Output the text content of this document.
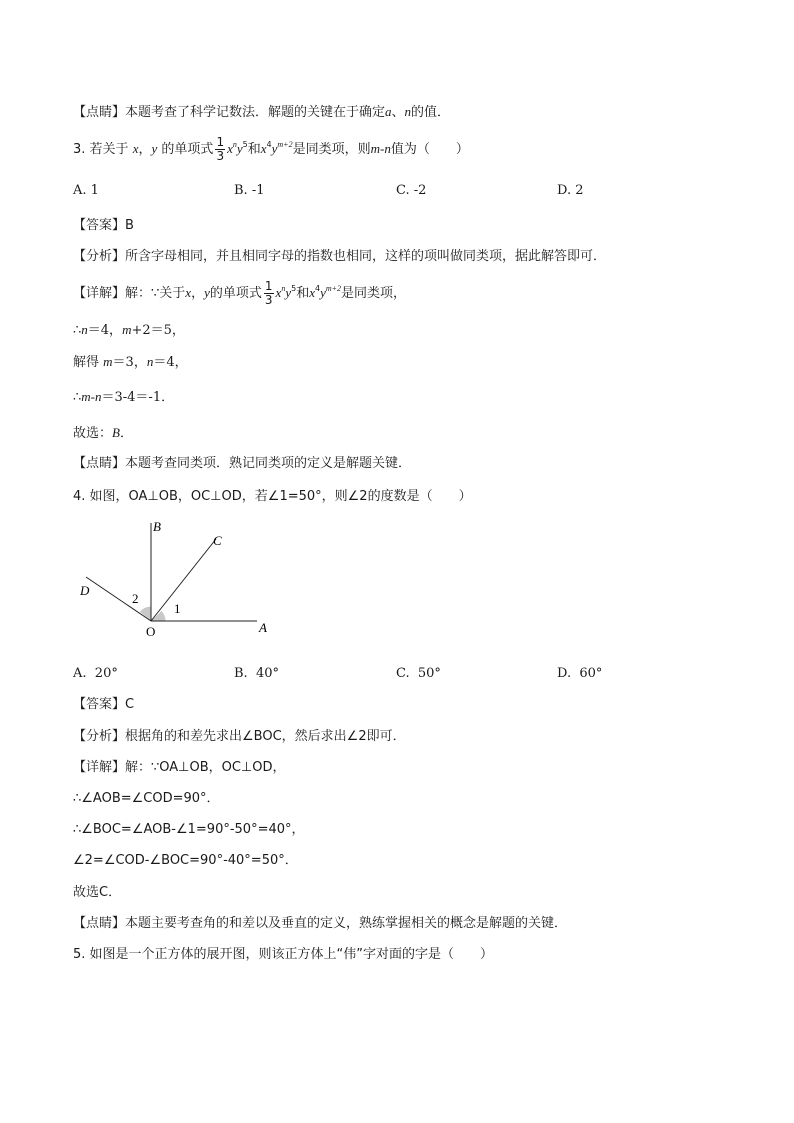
【点睛】本题考查了科学记数法．解题的关键在于确定a、n的值．
3. 若关于 x，y 的单项式 $\frac{1}{3} x^ny^5$和$x^4y^{m+2}$是同类项，则m-n值为（　　）
A. 1	B. -1	C. -2	D. 2
【答案】B
【分析】所含字母相同，并且相同字母的指数也相同，这样的项叫做同类项，据此解答即可．
【详解】解：∵关于x，y的单项式 $\frac{1}{3} x^ny^5$和$x^4y^{m+2}$是同类项，
∴n＝4，m+2＝5，
解得 m＝3，n＝4，
∴m-n＝3-4＝-1．
故选：B．
【点睛】本题考查同类项．熟记同类项的定义是解题关键．
4. 如图，OA⊥OB，OC⊥OD，若∠1=50°，则∠2的度数是（　　）
B
C
D
O	A
1
2
A. 20°	B. 40°	C. 50°	D. 60°
【答案】C
【分析】根据角的和差先求出∠BOC，然后求出∠2即可．
【详解】解：∵OA⊥OB，OC⊥OD，
∴∠AOB=∠COD=90°．
∴∠BOC=∠AOB-∠1=90°-50°=40°，
∠2=∠COD-∠BOC=90°-40°=50°．
故选C．
【点睛】本题主要考查角的和差以及垂直的定义，熟练掌握相关的概念是解题的关键．
5. 如图是一个正方体的展开图，则该正方体上“伟”字对面的字是（　　）
